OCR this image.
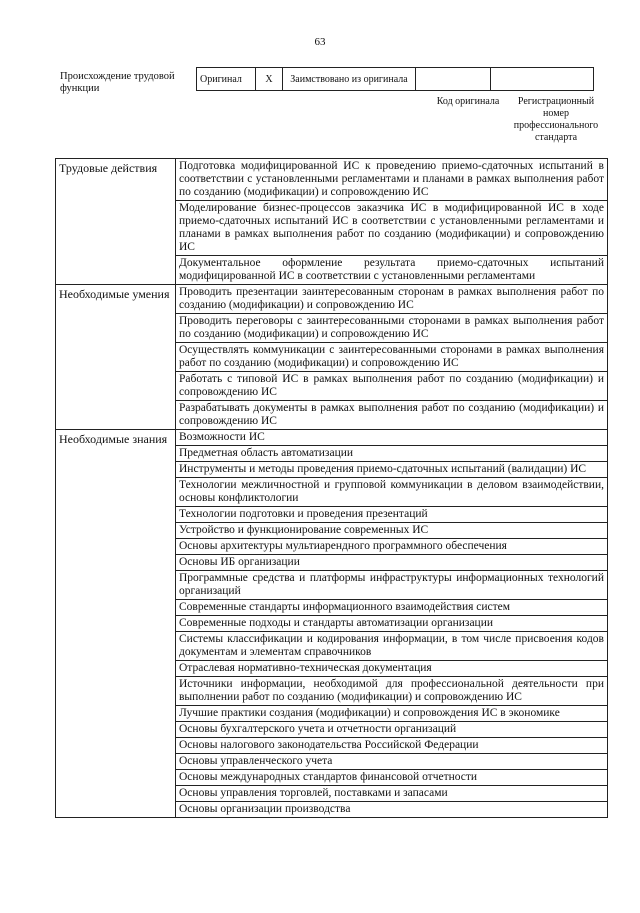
63
Происхождение трудовой функции
Оригинал	X	Заимствовано из оригинала		
Код оригинала	Регистрационный номер профессионального стандарта
Трудовые действия	Подготовка модифицированной ИС к проведению приемо-сдаточных испытаний в соответствии с установленными регламентами и планами в рамках выполнения работ по созданию (модификации) и сопровождению ИС
	Моделирование бизнес-процессов заказчика ИС в модифицированной ИС в ходе приемо-сдаточных испытаний ИС в соответствии с установленными регламентами и планами в рамках выполнения работ по созданию (модификации) и сопровождению ИС
	Документальное оформление результата приемо-сдаточных испытаний модифицированной ИС в соответствии с установленными регламентами
Необходимые умения	Проводить презентации заинтересованным сторонам в рамках выполнения работ по созданию (модификации) и сопровождению ИС
	Проводить переговоры с заинтересованными сторонами в рамках выполнения работ по созданию (модификации) и сопровождению ИС
	Осуществлять коммуникации с заинтересованными сторонами в рамках выполнения работ по созданию (модификации) и сопровождению ИС
	Работать с типовой ИС в рамках выполнения работ по созданию (модификации) и сопровождению ИС
	Разрабатывать документы в рамках выполнения работ по созданию (модификации) и сопровождению ИС
Необходимые знания	Возможности ИС
	Предметная область автоматизации
	Инструменты и методы проведения приемо-сдаточных испытаний (валидации) ИС
	Технологии межличностной и групповой коммуникации в деловом взаимодействии, основы конфликтологии
	Технологии подготовки и проведения презентаций
	Устройство и функционирование современных ИС
	Основы архитектуры мультиарендного программного обеспечения
	Основы ИБ организации
	Программные средства и платформы инфраструктуры информационных технологий организаций
	Современные стандарты информационного взаимодействия систем
	Современные подходы и стандарты автоматизации организации
	Системы классификации и кодирования информации, в том числе присвоения кодов документам и элементам справочников
	Отраслевая нормативно-техническая документация
	Источники информации, необходимой для профессиональной деятельности при выполнении работ по созданию (модификации) и сопровождению ИС
	Лучшие практики создания (модификации) и сопровождения ИС в экономике
	Основы бухгалтерского учета и отчетности организаций
	Основы налогового законодательства Российской Федерации
	Основы управленческого учета
	Основы международных стандартов финансовой отчетности
	Основы управления торговлей, поставками и запасами
	Основы организации производства
